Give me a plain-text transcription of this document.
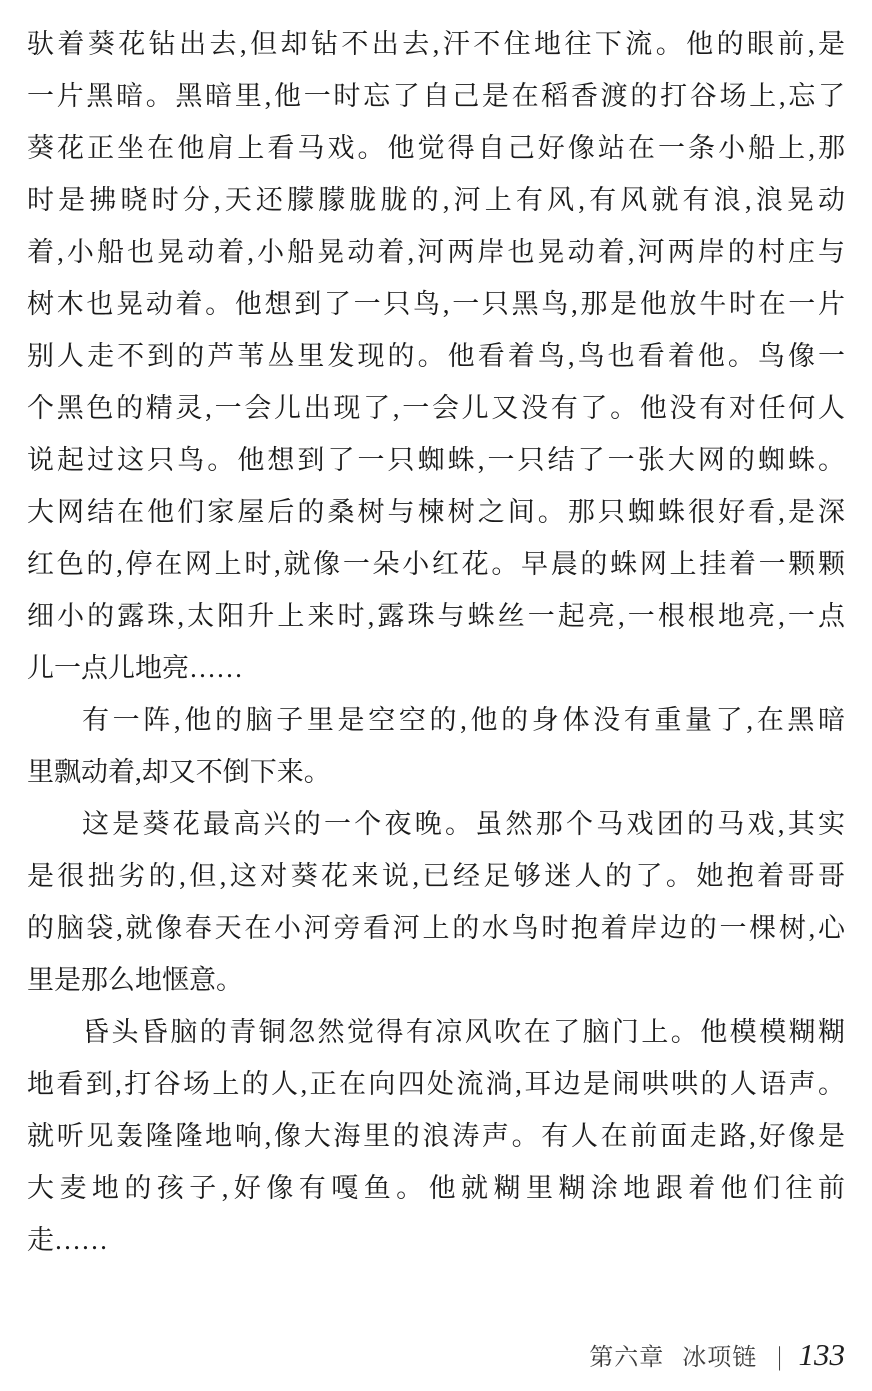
驮着葵花钻出去,但却钻不出去,汗不住地往下流。他的眼前,是
一片黑暗。黑暗里,他一时忘了自己是在稻香渡的打谷场上,忘了
葵花正坐在他肩上看马戏。他觉得自己好像站在一条小船上,那
时是拂晓时分,天还朦朦胧胧的,河上有风,有风就有浪,浪晃动
着,小船也晃动着,小船晃动着,河两岸也晃动着,河两岸的村庄与
树木也晃动着。他想到了一只鸟,一只黑鸟,那是他放牛时在一片
别人走不到的芦苇丛里发现的。他看着鸟,鸟也看着他。鸟像一
个黑色的精灵,一会儿出现了,一会儿又没有了。他没有对任何人
说起过这只鸟。他想到了一只蜘蛛,一只结了一张大网的蜘蛛。
大网结在他们家屋后的桑树与楝树之间。那只蜘蛛很好看,是深
红色的,停在网上时,就像一朵小红花。早晨的蛛网上挂着一颗颗
细小的露珠,太阳升上来时,露珠与蛛丝一起亮,一根根地亮,一点
儿一点儿地亮……
有一阵,他的脑子里是空空的,他的身体没有重量了,在黑暗
里飘动着,却又不倒下来。
这是葵花最高兴的一个夜晚。虽然那个马戏团的马戏,其实
是很拙劣的,但,这对葵花来说,已经足够迷人的了。她抱着哥哥
的脑袋,就像春天在小河旁看河上的水鸟时抱着岸边的一棵树,心
里是那么地惬意。
昏头昏脑的青铜忽然觉得有凉风吹在了脑门上。他模模糊糊
地看到,打谷场上的人,正在向四处流淌,耳边是闹哄哄的人语声。
就听见轰隆隆地响,像大海里的浪涛声。有人在前面走路,好像是
大麦地的孩子,好像有嘎鱼。他就糊里糊涂地跟着他们往前
走……
第六章 冰项链 | 133
